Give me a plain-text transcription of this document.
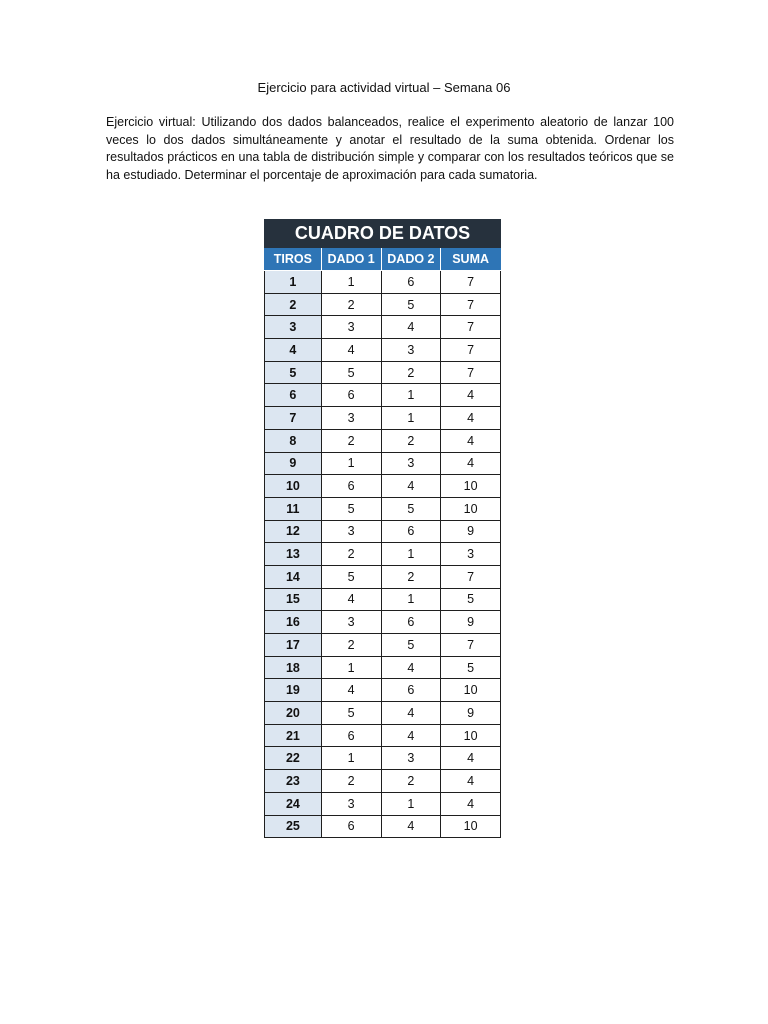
Ejercicio para actividad virtual – Semana 06
Ejercicio virtual: Utilizando dos dados balanceados, realice el experimento aleatorio de lanzar 100 veces lo dos dados simultáneamente y anotar el resultado de la suma obtenida. Ordenar los resultados prácticos en una tabla de distribución simple y comparar con los resultados teóricos que se ha estudiado. Determinar el porcentaje de aproximación para cada sumatoria.
CUADRO DE DATOS			
TIROS	DADO 1	DADO 2	SUMA
1	1	6	7
2	2	5	7
3	3	4	7
4	4	3	7
5	5	2	7
6	6	1	4
7	3	1	4
8	2	2	4
9	1	3	4
10	6	4	10
11	5	5	10
12	3	6	9
13	2	1	3
14	5	2	7
15	4	1	5
16	3	6	9
17	2	5	7
18	1	4	5
19	4	6	10
20	5	4	9
21	6	4	10
22	1	3	4
23	2	2	4
24	3	1	4
25	6	4	10
